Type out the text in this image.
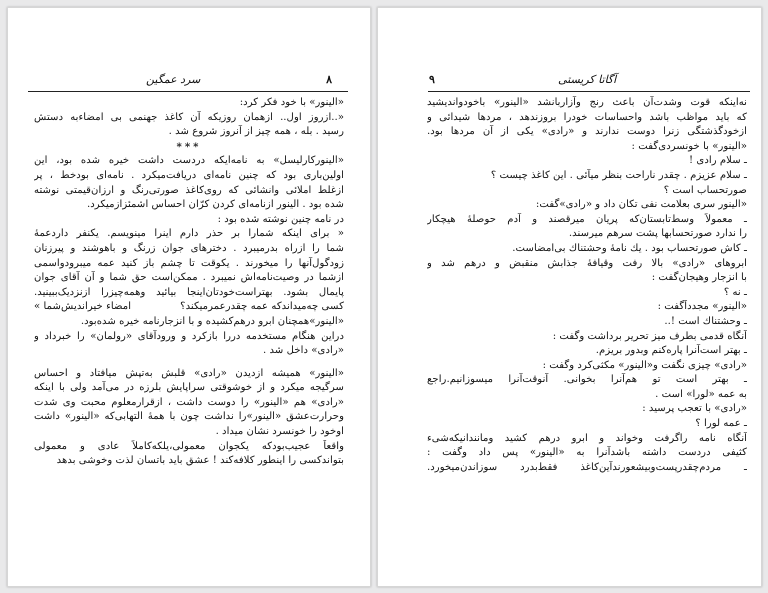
سرد عمگین	٨
«الینور» با خود فکر کرد:
«..ازروز اول.. ازهمان روزیکه آن کاغذ جهنمی بی امضاءبه دستش
رسید . بله ، همه چیز از آنروز شروع شد .
***
«الینورکارلیسل» به نامه‌ایکه دردست داشت خیره شده بود، این
اولین‌باری بود که چنین نامه‌ای دریافت‌میکرد . نامه‌ای بودخط ، پر
ازغلط املائی وانشائی که روی‌کاغذ صورتی‌رنگ و ارزان‌قیمتی نوشته
شده بود . الینور ازنامه‌ای کردن‌ کرّان احساس اشمئزازمیکرد.
در نامه چنین نوشته شده بود :
« برای اینکه شمارا بر حذر دارم اینرا مینویسم. یکنفر دارد‌عمهٔ
شما را ازراه بدر‌میبرد . دخترهای جوان زرنگ و باهوشند و پیرزنان
زودگول‌آنها را میخورند . یکوقت تا چشم باز کنید عمه میبرودواسمی
ازشما در وصیت‌نامه‌اش نمیبرد . ممکن‌است حق شما و آن آقای جوان
پایمال بشود. بهتر‌است‌خودتان‌اینجا بیائید وهمه‌چیزرا ازنزدیک‌ببینید.
کسی چه‌میداندکه عمه چقدرعمر‌میکند؟
امضاء خیراندیش‌شما »
«الینور»همچنان ابرو درهم‌کشیده و با انزجارنامه خیره شده‌بود.
دراین هنگام مستخدمه دررا بازکرد و ورودآقای «رولمان» را خبرداد و
«رادی» داخل شد .
«الینور» همیشه ازدیدن «رادی» قلبش به‌تپش میافتاد و احساس
سرگیجه میکرد و از خوشوقتی سراپایش بلرزه در می‌آمد ولی با اینکه
«رادی» هم «الینور» را دوست داشت ، ازقرارمعلوم محبت وی شدت
وحرارت‌عشق «الینور»را نداشت چون با همهٔ التهابی‌که «الینور» داشت
اوخود را خونسرد نشان میداد .
واقعاً عجیب‌بود‌که یکجوان معمولی،یلکه‌کاملاً عادی و معمولی
بتواندکسی را اینطور کلافه‌کند ! عشق باید باتسان لذت وخوشی بدهد
٩	آگاتا کریستی
نه‌اینکه قوت وشدت‌آن باعث رنج وآزاربانشد «الینور» باخودواندیشید
که باید مواظب باشد واحساسات خودرا بروزندهد ، مردها شیدائی و
ازخودگذشتگی زنرا دوست ندارند و «رادی» یکی از آن مردها بود.
«الینور» با خونسردی‌گفت :
ـ سلام رادی !
ـ سلام عزیزم . چقدر ناراحت بنظر میآئی . این کاغذ چیست ؟
صورتحساب است ؟
«الینور سری بعلامت نفی تکان داد و «رادی»گفت:
ـ معمولاً وسط‌تابستان‌که پریان میرقصند و آدم حوصلهٔ هیچکار
را ندارد صورتحسابها پشت سرهم میرسند.
ـ کاش صورتحساب بود . یك نامهٔ وحشتناك بی‌امضاست.
ابروهای «رادی» بالا رفت وقیافهٔ جذابش منقبض و درهم شد و
با انزجار وهیجان‌گفت :
ـ نه ؟
«الینور» مجدداً‌گفت :
ـ وحشتناك است !..
آنگاه قدمی بطرف میز تحریر برداشت و‌گفت :
ـ بهتر است‌آنرا پاره‌کنم وبدور بریزم.
«رادی» چیزی نگفت و«الینور» مکثی‌کرد و‌گفت :
ـ بهتر است تو هم‌آنرا بخوانی. آنوقت‌آنرا میسوزانیم.راجع
به عمه «لورا» است .
«رادی» با تعجب پرسید :
ـ عمه لورا ؟
آنگاه نامه راگرفت وخواند و ابرو درهم کشید ومانندانیکه‌شیء
کثیفی دردست داشته باشدآنرا به «الینور» پس داد و‌گفت :
ـ مردم‌چقدرپست‌وبیشعورندآین‌کاغذ فقط‌بدرد سوزاندن‌میخورد.
